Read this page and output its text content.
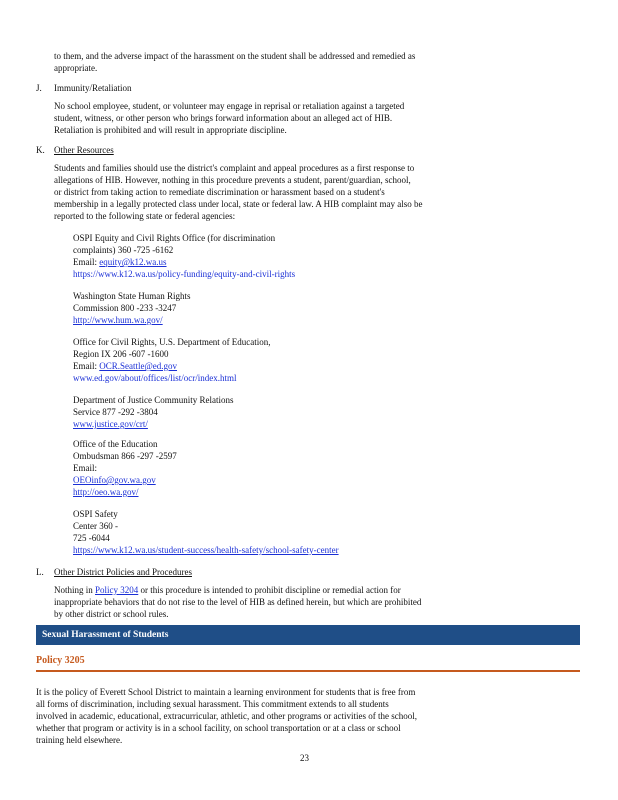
to them, and the adverse impact of the harassment on the student shall be addressed and remedied as
appropriate.
J. Immunity/Retaliation
No school employee, student, or volunteer may engage in reprisal or retaliation against a targeted
student, witness, or other person who brings forward information about an alleged act of HIB.
Retaliation is prohibited and will result in appropriate discipline.
K. Other Resources
Students and families should use the district's complaint and appeal procedures as a first response to
allegations of HIB. However, nothing in this procedure prevents a student, parent/guardian, school,
or district from taking action to remediate discrimination or harassment based on a student's
membership in a legally protected class under local, state or federal law. A HIB complaint may also be
reported to the following state or federal agencies:
OSPI Equity and Civil Rights Office (for discrimination
complaints) 360 -725 -6162
Email: equity@k12.wa.us
https://www.k12.wa.us/policy-funding/equity-and-civil-rights
Washington State Human Rights
Commission 800 -233 -3247
http://www.hum.wa.gov/
Office for Civil Rights, U.S. Department of Education,
Region IX 206 -607 -1600
Email: OCR.Seattle@ed.gov
www.ed.gov/about/offices/list/ocr/index.html
Department of Justice Community Relations
Service 877 -292 -3804
www.justice.gov/crt/
Office of the Education
Ombudsman 866 -297 -2597
Email:
OEOinfo@gov.wa.gov
http://oeo.wa.gov/
OSPI Safety
Center 360 -
725 -6044
https://www.k12.wa.us/student-success/health-safety/school-safety-center
L. Other District Policies and Procedures
Nothing in Policy 3204 or this procedure is intended to prohibit discipline or remedial action for
inappropriate behaviors that do not rise to the level of HIB as defined herein, but which are prohibited
by other district or school rules.
Sexual Harassment of Students
Policy 3205
It is the policy of Everett School District to maintain a learning environment for students that is free from
all forms of discrimination, including sexual harassment. This commitment extends to all students
involved in academic, educational, extracurricular, athletic, and other programs or activities of the school,
whether that program or activity is in a school facility, on school transportation or at a class or school
training held elsewhere.
23
